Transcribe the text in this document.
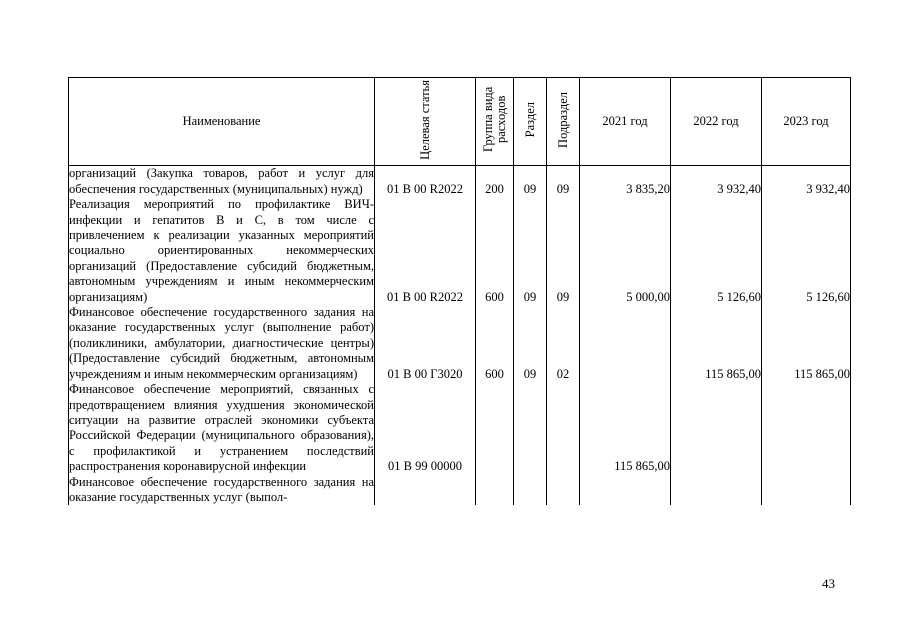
Наименование	Целевая статья	Группа вида расходов	Раздел	Подраздел	2021 год	2022 год	2023 год
организаций (Закупка товаров, работ и услуг для обеспечения государственных (муниципальных) нужд)	01 В 00 R2022	200	09	09	3 835,20	3 932,40	3 932,40
Реализация мероприятий по профилактике ВИЧ-инфекции и гепатитов В и С, в том числе с привлечением к реализации указанных мероприятий социально ориентированных некоммерческих организаций (Предоставление субсидий бюджетным, автономным учреждениям и иным некоммерческим организациям)	01 В 00 R2022	600	09	09	5 000,00	5 126,60	5 126,60
Финансовое обеспечение государственного задания на оказание государственных услуг (выполнение работ) (поликлиники, амбулатории, диагностические центры) (Предоставление субсидий бюджетным, автономным учреждениям и иным некоммерческим организациям)	01 В 00 Г3020	600	09	02		115 865,00	115 865,00
Финансовое обеспечение мероприятий, связанных с предотвращением влияния ухудшения экономической ситуации на развитие отраслей экономики субъекта Российской Федерации (муниципального образования), с профилактикой и устранением последствий распространения коронавирусной инфекции	01 В 99 00000				115 865,00		
Финансовое обеспечение государственного задания на оказание государственных услуг (выпол-							
43
